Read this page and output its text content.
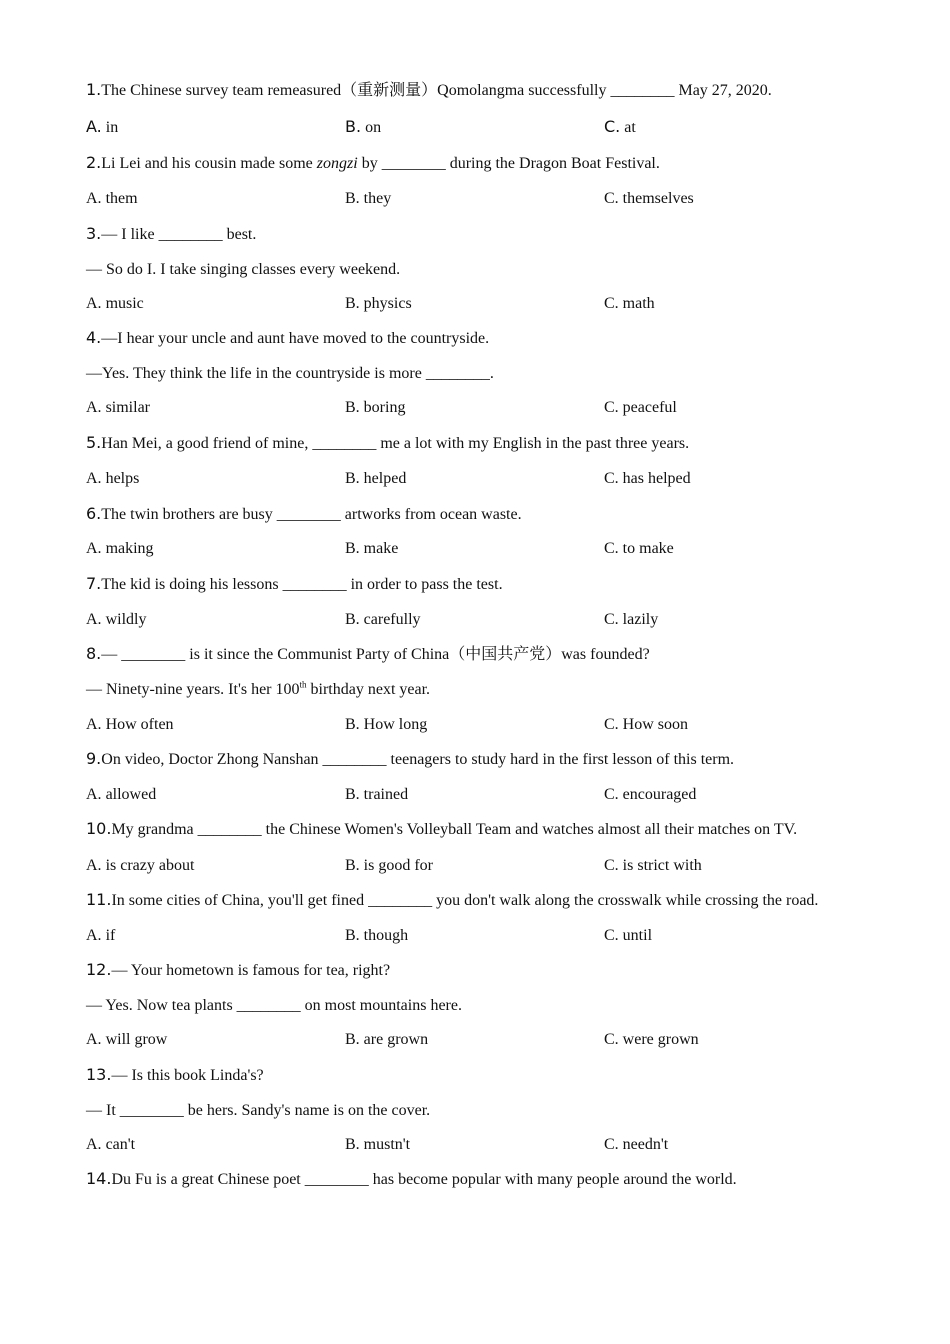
1.The Chinese survey team remeasured（重新测量）Qomolangma successfully ________ May 27, 2020.
A. in	B. on	C. at
2.Li Lei and his cousin made some zongzi by ________ during the Dragon Boat Festival.
A. them	B. they	C. themselves
3.— I like ________ best.
— So do I. I take singing classes every weekend.
A. music	B. physics	C. math
4.—I hear your uncle and aunt have moved to the countryside.
—Yes. They think the life in the countryside is more ________.
A. similar	B. boring	C. peaceful
5.Han Mei, a good friend of mine, ________ me a lot with my English in the past three years.
A. helps	B. helped	C. has helped
6.The twin brothers are busy ________ artworks from ocean waste.
A. making	B. make	C. to make
7.The kid is doing his lessons ________ in order to pass the test.
A. wildly	B. carefully	C. lazily
8.— ________ is it since the Communist Party of China（中国共产党）was founded?
— Ninety-nine years. It's her 100th birthday next year.
A. How often	B. How long	C. How soon
9.On video, Doctor Zhong Nanshan ________ teenagers to study hard in the first lesson of this term.
A. allowed	B. trained	C. encouraged
10.My grandma ________ the Chinese Women's Volleyball Team and watches almost all their matches on TV.
A. is crazy about	B. is good for	C. is strict with
11.In some cities of China, you'll get fined ________ you don't walk along the crosswalk while crossing the road.
A. if	B. though	C. until
12.— Your hometown is famous for tea, right?
— Yes. Now tea plants ________ on most mountains here.
A. will grow	B. are grown	C. were grown
13.— Is this book Linda's?
— It ________ be hers. Sandy's name is on the cover.
A. can't	B. mustn't	C. needn't
14.Du Fu is a great Chinese poet ________ has become popular with many people around the world.
